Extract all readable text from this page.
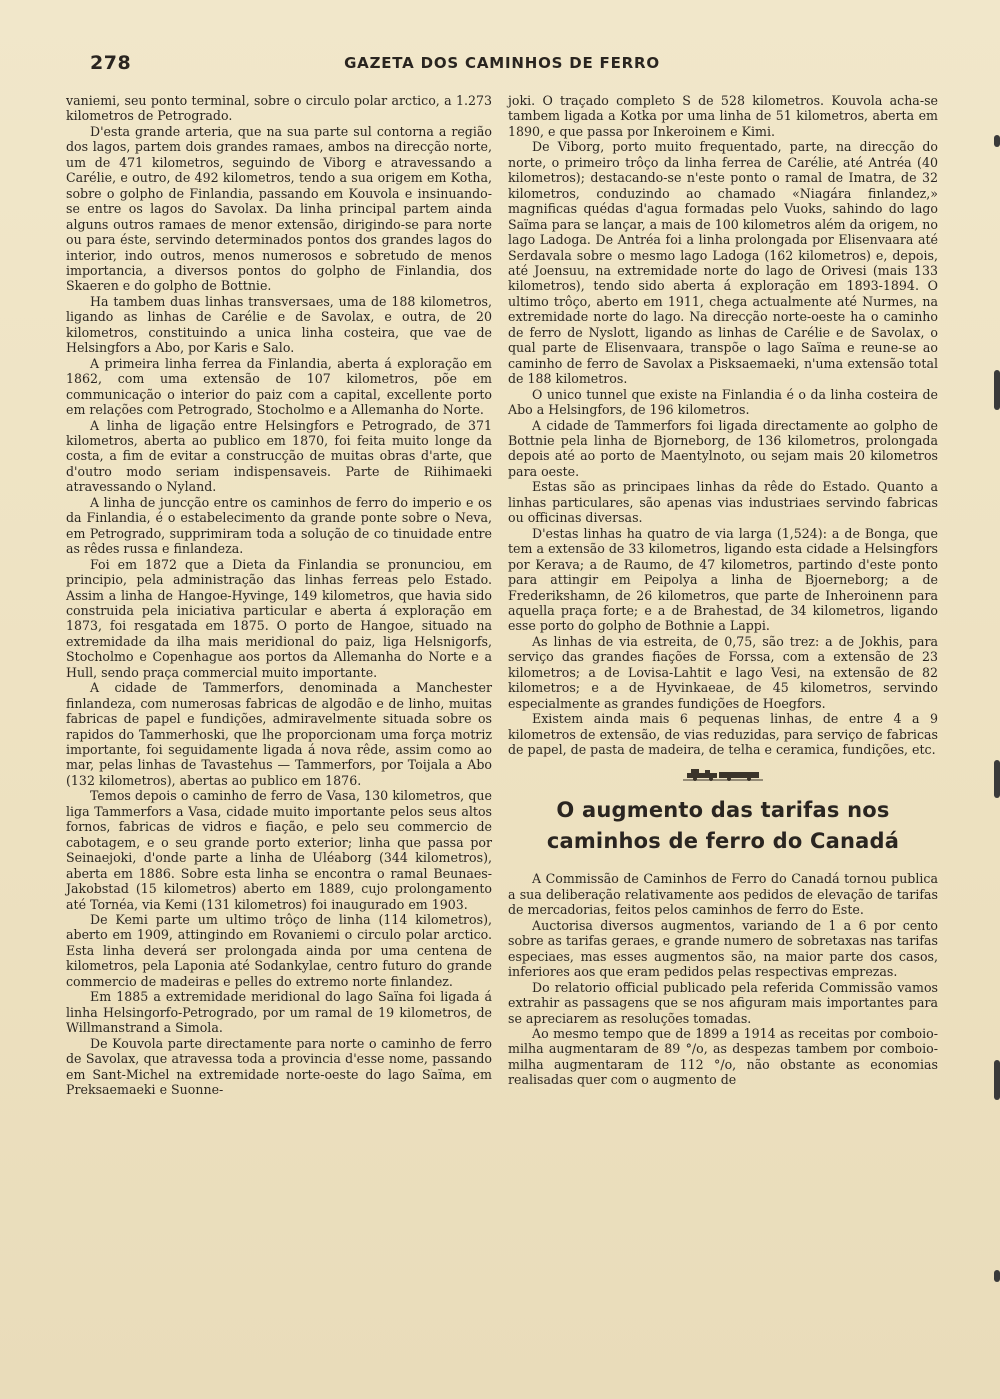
278	GAZETA DOS CAMINHOS DE FERRO

vaniemi, seu ponto terminal, sobre o circulo polar arctico, a 1.273 kilometros de Petrogrado.

D'esta grande arteria, que na sua parte sul contorna a região dos lagos, partem dois grandes ramaes, ambos na direcção norte, um de 471 kilometros, seguindo de Viborg e atravessando a Carélie, e outro, de 492 kilometros, tendo a sua origem em Kotha, sobre o golpho de Finlandia, passando em Kouvola e insinuando-se entre os lagos do Savolax. Da linha principal partem ainda alguns outros ramaes de menor extensão, dirigindo-se para norte ou para éste, servindo determinados pontos dos grandes lagos do interior, indo outros, menos numerosos e sobretudo de menos importancia, a diversos pontos do golpho de Finlandia, dos Skaeren e do golpho de Bottnie.

Ha tambem duas linhas transversaes, uma de 188 kilometros, ligando as linhas de Carélie e de Savolax, e outra, de 20 kilometros, constituindo a unica linha costeira, que vae de Helsingfors a Abo, por Karis e Salo.

A primeira linha ferrea da Finlandia, aberta á exploração em 1862, com uma extensão de 107 kilometros, põe em communicação o interior do paiz com a capital, excellente porto em relações com Petrogrado, Stocholmo e a Allemanha do Norte.

A linha de ligação entre Helsingfors e Petrogrado, de 371 kilometros, aberta ao publico em 1870, foi feita muito longe da costa, a fim de evitar a construcção de muitas obras d'arte, que d'outro modo seriam indispensaveis. Parte de Riihimaeki atravessando o Nyland.

A linha de juncção entre os caminhos de ferro do imperio e os da Finlandia, é o estabelecimento da grande ponte sobre o Neva, em Petrogrado, supprimiram toda a solução de co tinuidade entre as rêdes russa e finlandeza.

Foi em 1872 que a Dieta da Finlandia se pronunciou, em principio, pela administração das linhas ferreas pelo Estado. Assim a linha de Hangoe-Hyvinge, 149 kilometros, que havia sido construida pela iniciativa particular e aberta á exploração em 1873, foi resgatada em 1875. O porto de Hangoe, situado na extremidade da ilha mais meridional do paiz, liga Helsnigorfs, Stocholmo e Copenhague aos portos da Allemanha do Norte e a Hull, sendo praça commercial muito importante.

A cidade de Tammerfors, denominada a Manchester finlandeza, com numerosas fabricas de algodão e de linho, muitas fabricas de papel e fundições, admiravelmente situada sobre os rapidos do Tammerhoski, que lhe proporcionam uma força motriz importante, foi seguidamente ligada á nova rêde, assim como ao mar, pelas linhas de Tavastehus — Tammerfors, por Toijala a Abo (132 kilometros), abertas ao publico em 1876.

Temos depois o caminho de ferro de Vasa, 130 kilometros, que liga Tammerfors a Vasa, cidade muito importante pelos seus altos fornos, fabricas de vidros e fiação, e pelo seu commercio de cabotagem, e o seu grande porto exterior; linha que passa por Seinaejoki, d'onde parte a linha de Uléaborg (344 kilometros), aberta em 1886. Sobre esta linha se encontra o ramal Beunaes-Jakobstad (15 kilometros) aberto em 1889, cujo prolongamento até Tornéa, via Kemi (131 kilometros) foi inaugurado em 1903.

De Kemi parte um ultimo trôço de linha (114 kilometros), aberto em 1909, attingindo em Rovaniemi o circulo polar arctico. Esta linha deverá ser prolongada ainda por uma centena de kilometros, pela Laponia até Sodankylae, centro futuro do grande commercio de madeiras e pelles do extremo norte finlandez.

Em 1885 a extremidade meridional do lago Saïna foi ligada á linha Helsingorfo-Petrogrado, por um ramal de 19 kilometros, de Willmanstrand a Simola.

De Kouvola parte directamente para norte o caminho de ferro de Savolax, que atravessa toda a provincia d'esse nome, passando em Sant-Michel na extremidade norte-oeste do lago Saïma, em Preksaemaeki e Suonne-

joki. O traçado completo S de 528 kilometros. Kouvola acha-se tambem ligada a Kotka por uma linha de 51 kilometros, aberta em 1890, e que passa por Inkeroinem e Kimi.

De Viborg, porto muito frequentado, parte, na direcção do norte, o primeiro trôço da linha ferrea de Carélie, até Antréa (40 kilometros); destacando-se n'este ponto o ramal de Imatra, de 32 kilometros, conduzindo ao chamado «Niagára finlandez,» magnificas quédas d'agua formadas pelo Vuoks, sahindo do lago Saïma para se lançar, a mais de 100 kilometros além da origem, no lago Ladoga. De Antréa foi a linha prolongada por Elisenvaara até Serdavala sobre o mesmo lago Ladoga (162 kilometros) e, depois, até Joensuu, na extremidade norte do lago de Orivesi (mais 133 kilometros), tendo sido aberta á exploração em 1893-1894. O ultimo trôço, aberto em 1911, chega actualmente até Nurmes, na extremidade norte do lago. Na direcção norte-oeste ha o caminho de ferro de Nyslott, ligando as linhas de Carélie e de Savolax, o qual parte de Elisenvaara, transpõe o lago Saïma e reune-se ao caminho de ferro de Savolax a Pisksaemaeki, n'uma extensão total de 188 kilometros.

O unico tunnel que existe na Finlandia é o da linha costeira de Abo a Helsingfors, de 196 kilometros.

A cidade de Tammerfors foi ligada directamente ao golpho de Bottnie pela linha de Bjorneborg, de 136 kilometros, prolongada depois até ao porto de Maentylnoto, ou sejam mais 20 kilometros para oeste.

Estas são as principaes linhas da rêde do Estado. Quanto a linhas particulares, são apenas vias industriaes servindo fabricas ou officinas diversas.

D'estas linhas ha quatro de via larga (1,524): a de Bonga, que tem a extensão de 33 kilometros, ligando esta cidade a Helsingfors por Kerava; a de Raumo, de 47 kilometros, partindo d'este ponto para attingir em Peipolya a linha de Bjoerneborg; a de Frederikshamn, de 26 kilometros, que parte de Inheroinenn para aquella praça forte; e a de Brahestad, de 34 kilometros, ligando esse porto do golpho de Bothnie a Lappi.

As linhas de via estreita, de 0,75, são trez: a de Jokhis, para serviço das grandes fiações de Forssa, com a extensão de 23 kilometros; a de Lovisa-Lahtit e lago Vesi, na extensão de 82 kilometros; e a de Hyvinkaeae, de 45 kilometros, servindo especialmente as grandes fundições de Hoegfors.

Existem ainda mais 6 pequenas linhas, de entre 4 a 9 kilometros de extensão, de vias reduzidas, para serviço de fabricas de papel, de pasta de madeira, de telha e ceramica, fundições, etc.

O augmento das tarifas nos caminhos de ferro do Canadá

A Commissão de Caminhos de Ferro do Canadá tornou publica a sua deliberação relativamente aos pedidos de elevação de tarifas de mercadorias, feitos pelos caminhos de ferro do Este.

Auctorisa diversos augmentos, variando de 1 a 6 por cento sobre as tarifas geraes, e grande numero de sobretaxas nas tarifas especiaes, mas esses augmentos são, na maior parte dos casos, inferiores aos que eram pedidos pelas respectivas emprezas.

Do relatorio official publicado pela referida Commissão vamos extrahir as passagens que se nos afiguram mais importantes para se apreciarem as resoluções tomadas.

Ao mesmo tempo que de 1899 a 1914 as receitas por comboio-milha augmentaram de 89 °/o, as despezas tambem por comboio-milha augmentaram de 112 °/o, não obstante as economias realisadas quer com o augmento de
